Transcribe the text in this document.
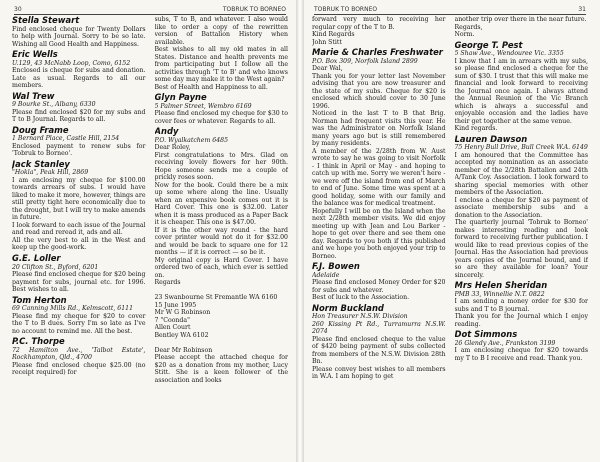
30	TOBRUK TO BORNEO
Stella Stewart
Find enclosed cheque for Twenty Dollars to help with Journal. Sorry to be so late. Wishing all Good Health and Happiness.
Eric Wells
U.129, 43 McNabb Loop, Como, 6152
Enclosed is cheque for subs and donation. Late as usual. Regards to all our members.
Wal Trew
9 Bourke St., Albany, 6330
Please find enclosed $20 for my subs and T to B Journal. Regards to all.
Doug Frame
1 Bernard Place, Castle Hill, 2154
Enclosed payment to renew subs for 'Tobruk to Borneo'.
Jack Stanley
"Hokla", Peak Hill, 2869
I am enclosing my cheque for $100.00 towards arrears of subs. I would have liked to make it more, however, things are still pretty tight here economically due to the drought, but I will try to make amends in future.
I look forward to each issue of the Journal and read and reread it, ads and all.
All the very best to all in the West and keep up the good-work.
G.E. Loller
20 Clifton St., Byford, 6201
Please find enclosed cheque for $20 being payment for subs, journal etc. for 1996. Best wishes to all.
Tom Herton
69 Canning Mills Rd., Kelmscott, 6111
Please find my cheque for $20 to cover the T to B dues. Sorry I'm so late as I've no account to remind me. All the best.
P.C. Thorpe
72 Hamilton Ave., 'Talbot Estate', Rockhampton, Qld., 4700
Please find enclosed cheque $25.00 (no receipt required) for
subs, T to B, and whatever. I also would like to order a copy of the rewritten version of Battalion History when available.
Best wishes to all my old mates in all States. Distance and health prevents me from participating but I follow all the activities through 'T to B' and who knows some day may make it to the West again?
Best of Health and Happiness to all.
Glyn Payne
5 Palmer Street, Wembro 6169
Please find enclosed my cheque for $30 to cover fees or whatever. Regards to all.
Andy
P.O. Wyalkatchem 6485
Dear Roley,
First congratulations to Mrs. Glad on receiving lovely flowers for her 90th. Hope someone sends me a couple of prickly roses soon.
Now for the book. Could there be a mix up some where along the line. Usually when an expensive book comes out it is Hard Cover. This one is $32.00. Later when it is mass produced as a Paper Back it is cheaper. This one is $47.00.
If it is the other way round - the hard cover printer would not do it for $32.00 and would be back to square one for 12 months — if it is correct — so be it.
My original copy is Hard Cover. I have ordered two of each, which ever is settled on.
Regards

23 Swanbourne St Fremantle WA 6160
15 June 1995
Mr W G Robinson
7 "Coonda"
Allen Court
Bentley WA 6102

Dear Mr Robinson
Please accept the attached cheque for $20 as a donation from my mother, Lucy Stitt. She is a keen follower of the association and looks
TOBRUK TO BORNEO	31
forward very much to receiving her regular copy of the T to B.
Kind Regards
John Stitt
Marie & Charles Freshwater
P.O. Box 309, Norfolk Island 2899
Dear Wal,
Thank you for your letter last November advising that you are now treasurer and the state of my subs. Cheque for $20 is enclosed which should cover to 30 June 1996.
Noticed in the last T to B that Brig. Norman had frequent visits this year. He was the Administrator on Norfolk Island many years ago but is still remembered by many residents.
A member of the 2/28th from W. Aust wrote to say he was going to visit Norfolk - I think in April or May - and hoping to catch up with me. Sorry we weren't here - we were off the island from end of March to end of June. Some time was spent at a good holiday, some with our family and the balance was for medical treatment.
Hopefully I will be on the Island when the next 2/28th member visits. We did enjoy meeting up with Jean and Lou Barker - hope to get over there and see them one day. Regards to you both if this published and we hope you both enjoyed your trip to Borneo.
F.J. Bowen
Adelaide
Please find enclosed Money Order for $20 for subs and whatever.
Best of luck to the Association.
Norm Buckland
Hon Treasurer N.S.W. Division
260 Kissing Pt Rd., Turramurra N.S.W. 2074
Please find enclosed cheque to the value of $420 being payment of subs collected from members of the N.S.W. Division 28th Bn.
Please convey best wishes to all members in W.A. I am hoping to get
another trip over there in the near future.
Regards,
Norm.
George T. Pest
5 Shaw Ave., Wendouree Vic. 3355
I know that I am in arrears with my subs, so please find enclosed a cheque for the sum of $30. I trust that this will make me financial and look forward to receiving the Journal once again. I always attend the Annual Reunion of the Vic Branch which is always a successful and enjoyable occasion and the ladies have their get together at the same venue.
Kind regards.
Lauren Dawson
75 Henry Bull Drive, Bull Creek W.A. 6149
I am honoured that the Committee has accepted my nomination as an associate member of the 2/28th Battalion and 24th A/Tank Coy. Association. I look forward to sharing special memories with other members of the Association.
I enclose a cheque for $20 as payment of associate membership subs and a donation to the Association.
The quarterly journal 'Tobruk to Borneo' makes interesting reading and look forward to receiving further publication. I would like to read previous copies of the Journal. Has the Association had previous years copies of the Journal bound, and if so are they available for loan? Your sincerely.
Mrs Helen Sheridan
PMB 33, Winnellie N.T. 0822
I am sending a money order for $30 for subs and T to B journal.
Thank you for the Journal which I enjoy reading.
Dot Simmons
26 Glendy Ave., Frankston 3199
I am enclosing cheque for $20 towards my T to B I receive and read. Thank you.
